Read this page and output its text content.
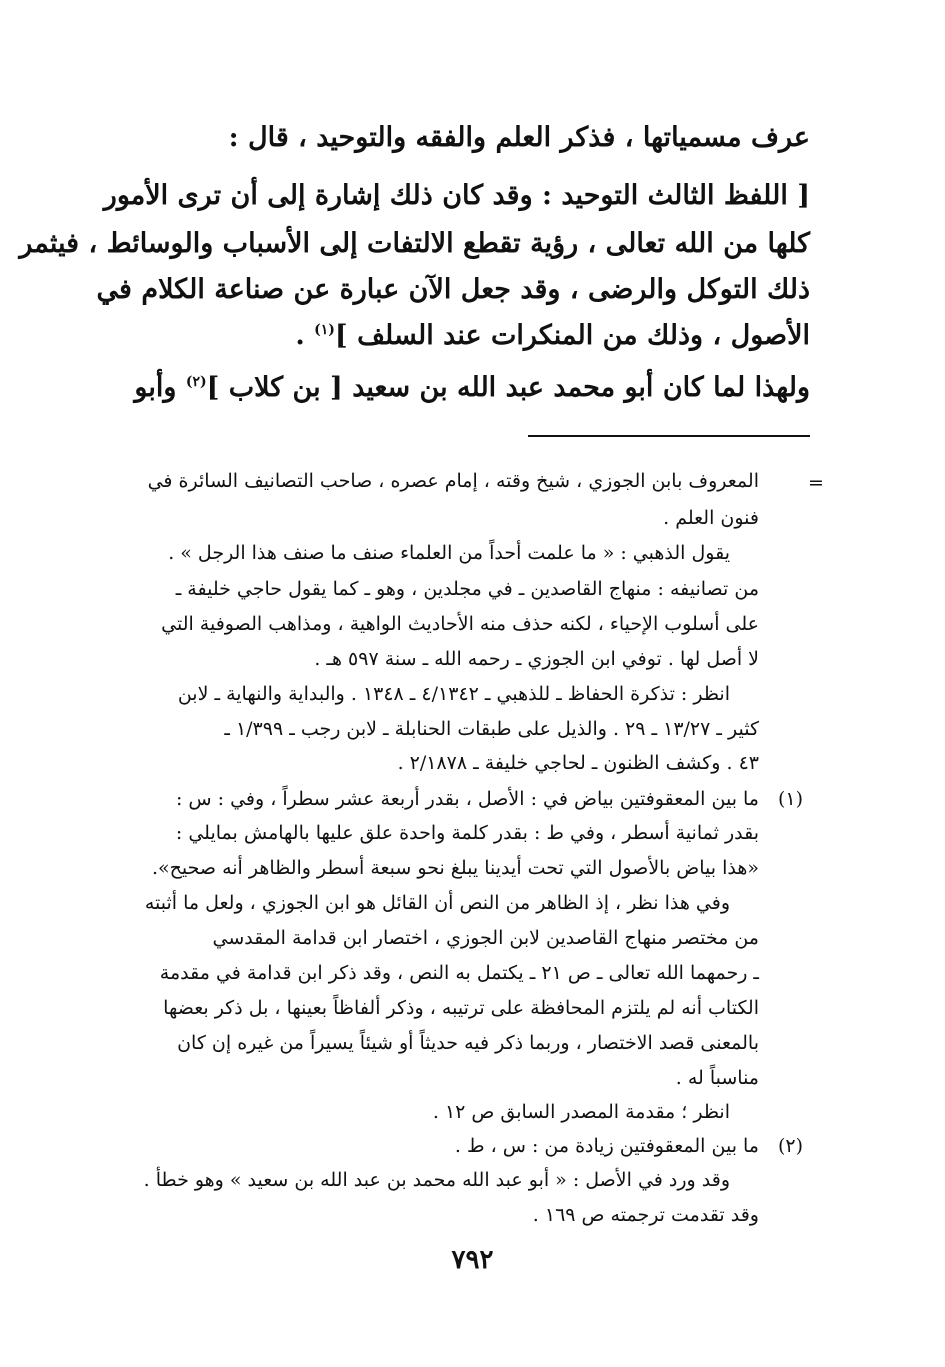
عرف مسمياتها ، فذكر العلم والفقه والتوحيد ، قال :
[ اللفظ الثالث التوحيد : وقد كان ذلك إشارة إلى أن ترى الأمور
كلها من الله تعالى ، رؤية تقطع الالتفات إلى الأسباب والوسائط ، فيثمر
ذلك التوكل والرضى ، وقد جعل الآن عبارة عن صناعة الكلام في
الأصول ، وذلك من المنكرات عند السلف ]$^{(١)}$ .
ولهذا لما كان أبو محمد عبد الله بن سعيد [ بن كلاب ]$^{(٢)}$ وأبو
=
المعروف بابن الجوزي ، شيخ وقته ، إمام عصره ، صاحب التصانيف السائرة في
فنون العلم .
يقول الذهبي : « ما علمت أحداً من العلماء صنف ما صنف هذا الرجل » .
من تصانيفه : منهاج القاصدين ـ في مجلدين ، وهو ـ كما يقول حاجي خليفة ـ
على أسلوب الإحياء ، لكنه حذف منه الأحاديث الواهية ، ومذاهب الصوفية التي
لا أصل لها . توفي ابن الجوزي ـ رحمه الله ـ سنة ٥٩٧ هـ .
انظر : تذكرة الحفاظ ـ للذهبي ـ ٤/١٣٤٢ ـ ١٣٤٨ . والبداية والنهاية ـ لابن
كثير ـ ١٣/٢٧ ـ ٢٩ . والذيل على طبقات الحنابلة ـ لابن رجب ـ ١/٣٩٩ ـ
٤٣ . وكشف الظنون ـ لحاجي خليفة ـ ٢/١٨٧٨ .
(١)
ما بين المعقوفتين بياض في : الأصل ، بقدر أربعة عشر سطراً ، وفي : س :
بقدر ثمانية أسطر ، وفي ط : بقدر كلمة واحدة علق عليها بالهامش بمايلي :
«هذا بياض بالأصول التي تحت أيدينا يبلغ نحو سبعة أسطر والظاهر أنه صحيح».
وفي هذا نظر ، إذ الظاهر من النص أن القائل هو ابن الجوزي ، ولعل ما أثبته
من مختصر منهاج القاصدين لابن الجوزي ، اختصار ابن قدامة المقدسي
ـ رحمهما الله تعالى ـ ص ٢١ ـ يكتمل به النص ، وقد ذكر ابن قدامة في مقدمة
الكتاب أنه لم يلتزم المحافظة على ترتيبه ، وذكر ألفاظاً بعينها ، بل ذكر بعضها
بالمعنى قصد الاختصار ، وربما ذكر فيه حديثاً أو شيئاً يسيراً من غيره إن كان
مناسباً له .
انظر ؛ مقدمة المصدر السابق ص ١٢ .
(٢)
ما بين المعقوفتين زيادة من : س ، ط .
وقد ورد في الأصل : « أبو عبد الله محمد بن عبد الله بن سعيد » وهو خطأ .
وقد تقدمت ترجمته ص ١٦٩ .
٧٩٢
